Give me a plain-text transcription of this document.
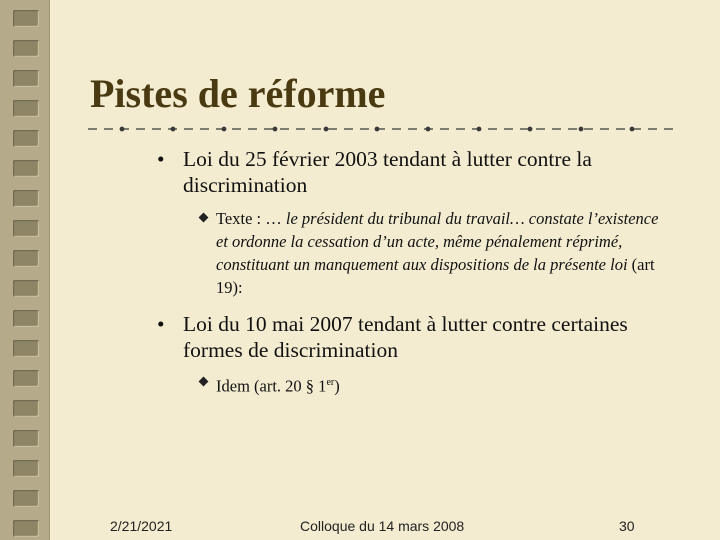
Pistes de réforme
• Loi du 25 février 2003 tendant à lutter contre la discrimination
Texte : … le président du tribunal du travail… constate l’existence et ordonne la cessation d’un acte, même pénalement réprimé, constituant un manquement aux dispositions de la présente loi (art 19):
• Loi du 10 mai 2007 tendant à lutter contre certaines formes de discrimination
Idem (art. 20 § 1er)
2/21/2021	Colloque du 14 mars 2008	30
